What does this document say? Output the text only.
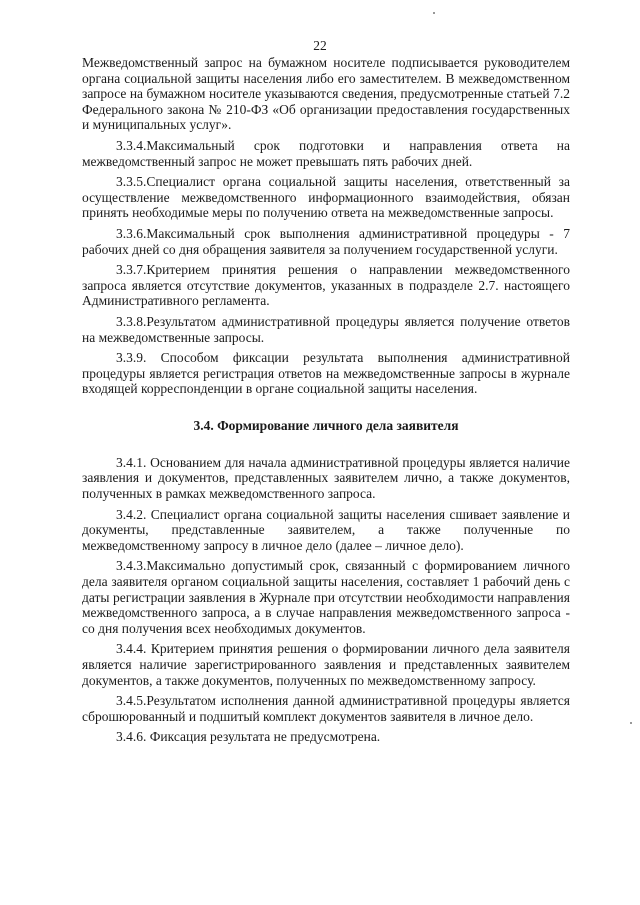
22

Межведомственный запрос на бумажном носителе подписывается руководителем органа социальной защиты населения либо его заместителем. В межведомственном запросе на бумажном носителе указываются сведения, предусмотренные статьей 7.2 Федерального закона № 210-ФЗ «Об организации предоставления государственных и муниципальных услуг».

3.3.4.Максимальный срок подготовки и направления ответа на межведомственный запрос не может превышать пять рабочих дней.

3.3.5.Специалист органа социальной защиты населения, ответственный за осуществление межведомственного информационного взаимодействия, обязан принять необходимые меры по получению ответа на межведомственные запросы.

3.3.6.Максимальный срок выполнения административной процедуры - 7 рабочих дней со дня обращения заявителя за получением государственной услуги.

3.3.7.Критерием принятия решения о направлении межведомственного запроса является отсутствие документов, указанных в подразделе 2.7. настоящего Административного регламента.

3.3.8.Результатом административной процедуры является получение ответов на межведомственные запросы.

3.3.9. Способом фиксации результата выполнения административной процедуры является регистрация ответов на межведомственные запросы в журнале входящей корреспонденции в органе социальной защиты населения.

3.4. Формирование личного дела заявителя

3.4.1. Основанием для начала административной процедуры является наличие заявления и документов, представленных заявителем лично, а также документов, полученных в рамках межведомственного запроса.

3.4.2. Специалист органа социальной защиты населения сшивает заявление и документы, представленные заявителем, а также полученные по межведомственному запросу в личное дело (далее – личное дело).

3.4.3.Максимально допустимый срок, связанный с формированием личного дела заявителя органом социальной защиты населения, составляет 1 рабочий день с даты регистрации заявления в Журнале при отсутствии необходимости направления межведомственного запроса, а в случае направления межведомственного запроса - со дня получения всех необходимых документов.

3.4.4. Критерием принятия решения о формировании личного дела заявителя является наличие зарегистрированного заявления и представленных заявителем документов, а также документов, полученных по межведомственному запросу.

3.4.5.Результатом исполнения данной административной процедуры является сброшюрованный и подшитый комплект документов заявителя в личное дело.

3.4.6. Фиксация результата не предусмотрена.
